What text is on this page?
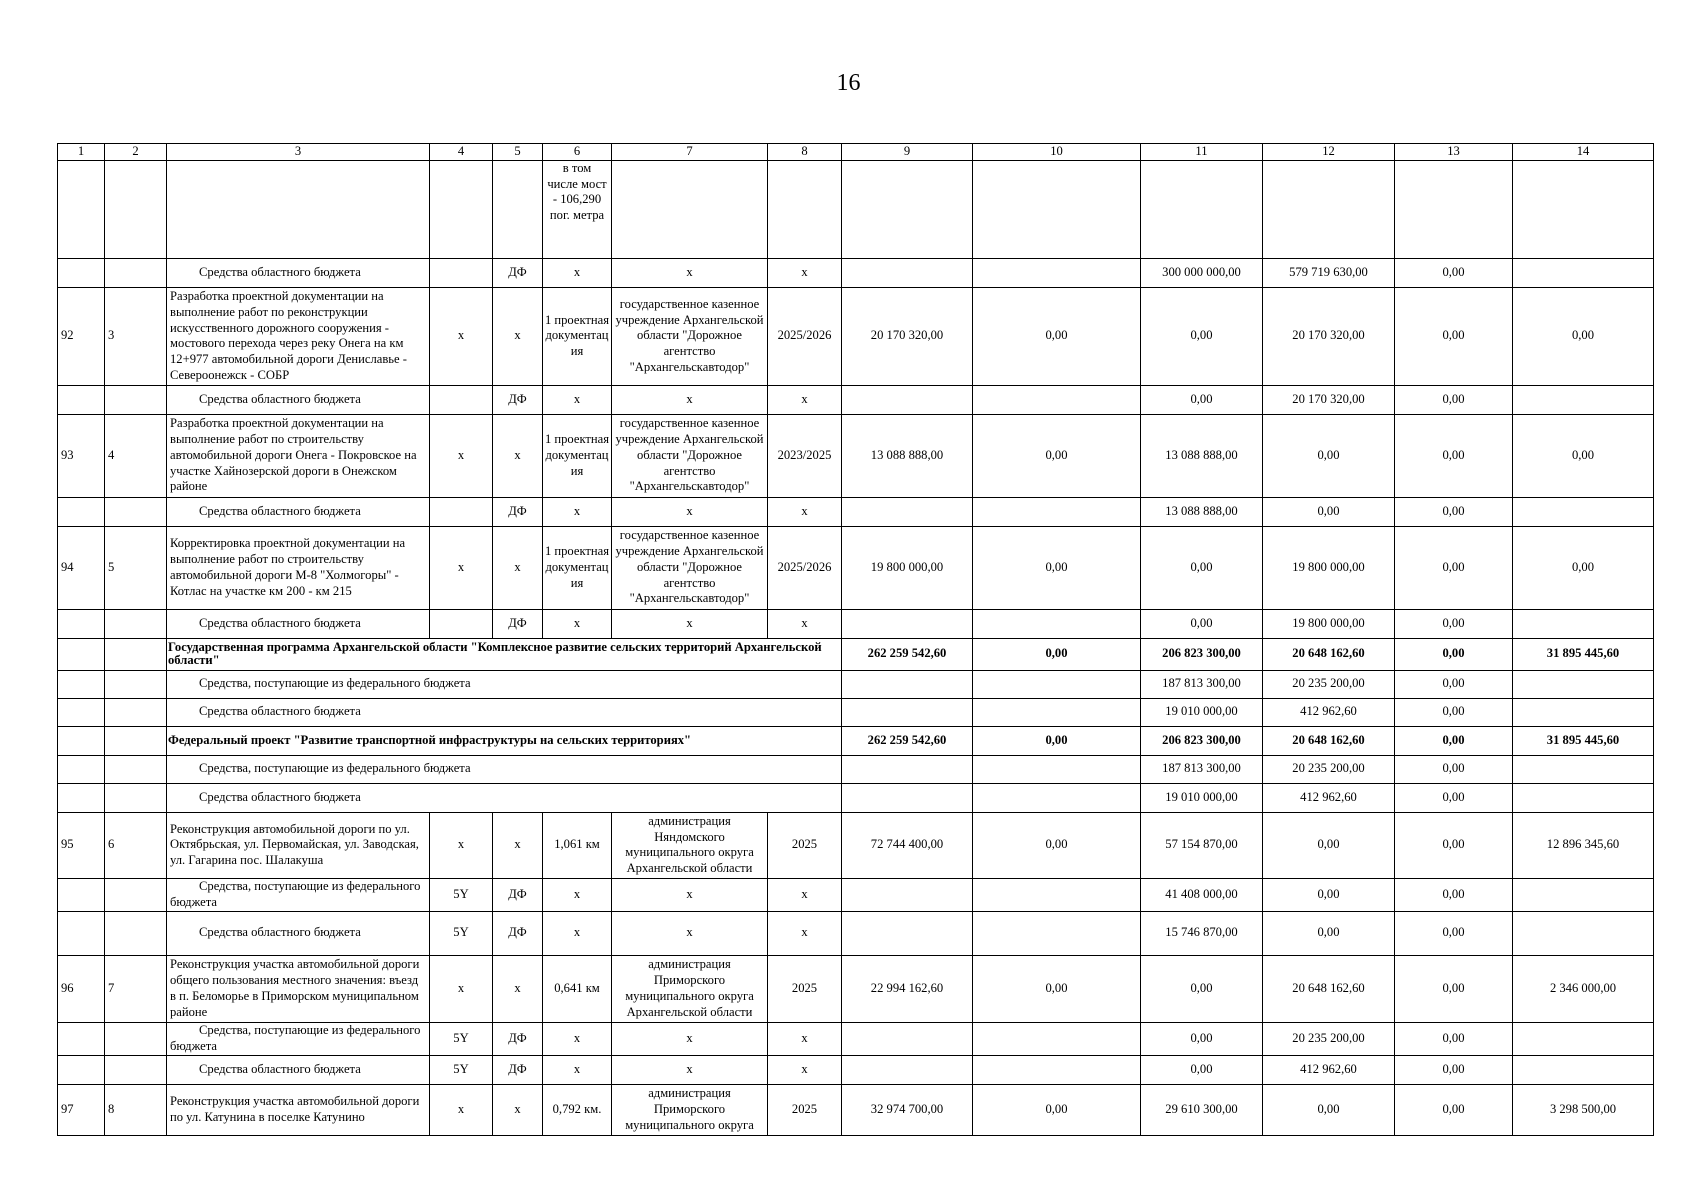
16
1	2	3	4	5	6	7	8	9	10	11	12	13	14
					в том числе мост - 106,290 пог. метра								
		Средства областного бюджета		ДФ	х	х	х			300 000 000,00	579 719 630,00	0,00	
92	3	Разработка проектной документации на выполнение работ по реконструкции искусственного дорожного сооружения - мостового перехода через реку Онега на км 12+977 автомобильной дороги Дениславье - Североонежск - СОБР	х	х	1 проектная документация	государственное казенное учреждение Архангельской области "Дорожное агентство "Архангельскавтодор"	2025/2026	20 170 320,00	0,00	0,00	20 170 320,00	0,00	0,00
		Средства областного бюджета		ДФ	х	х	х			0,00	20 170 320,00	0,00	
93	4	Разработка проектной документации на выполнение работ по строительству автомобильной дороги Онега - Покровское на участке Хайнозерской дороги в Онежском районе	х	х	1 проектная документация	государственное казенное учреждение Архангельской области "Дорожное агентство "Архангельскавтодор"	2023/2025	13 088 888,00	0,00	13 088 888,00	0,00	0,00	0,00
		Средства областного бюджета		ДФ	х	х	х			13 088 888,00	0,00	0,00	
94	5	Корректировка проектной документации на выполнение работ по строительству автомобильной дороги М-8 "Холмогоры" - Котлас на участке км 200 - км 215	х	х	1 проектная документация	государственное казенное учреждение Архангельской области "Дорожное агентство "Архангельскавтодор"	2025/2026	19 800 000,00	0,00	0,00	19 800 000,00	0,00	0,00
		Средства областного бюджета		ДФ	х	х	х			0,00	19 800 000,00	0,00	
		Государственная программа Архангельской области "Комплексное развитие сельских территорий Архангельской области"						262 259 542,60	0,00	206 823 300,00	20 648 162,60	0,00	31 895 445,60
		Средства, поступающие из федерального бюджета								187 813 300,00	20 235 200,00	0,00	
		Средства областного бюджета								19 010 000,00	412 962,60	0,00	
		Федеральный проект "Развитие транспортной инфраструктуры на сельских территориях"						262 259 542,60	0,00	206 823 300,00	20 648 162,60	0,00	31 895 445,60
		Средства, поступающие из федерального бюджета								187 813 300,00	20 235 200,00	0,00	
		Средства областного бюджета								19 010 000,00	412 962,60	0,00	
95	6	Реконструкция автомобильной дороги по ул. Октябрьская, ул. Первомайская, ул. Заводская, ул. Гагарина пос. Шалакуша	х	х	1,061 км	администрация Няндомского муниципального округа Архангельской области	2025	72 744 400,00	0,00	57 154 870,00	0,00	0,00	12 896 345,60
		Средства, поступающие из федерального бюджета	5Y	ДФ	х	х	х			41 408 000,00	0,00	0,00	
		Средства областного бюджета	5Y	ДФ	х	х	х			15 746 870,00	0,00	0,00	
96	7	Реконструкция участка автомобильной дороги общего пользования местного значения: въезд в п. Беломорье в Приморском муниципальном районе	х	х	0,641 км	администрация Приморского муниципального округа Архангельской области	2025	22 994 162,60	0,00	0,00	20 648 162,60	0,00	2 346 000,00
		Средства, поступающие из федерального бюджета	5Y	ДФ	х	х	х			0,00	20 235 200,00	0,00	
		Средства областного бюджета	5Y	ДФ	х	х	х			0,00	412 962,60	0,00	
97	8	Реконструкция участка автомобильной дороги по ул. Катунина в поселке Катунино	х	х	0,792 км.	администрация Приморского муниципального округа	2025	32 974 700,00	0,00	29 610 300,00	0,00	0,00	3 298 500,00
